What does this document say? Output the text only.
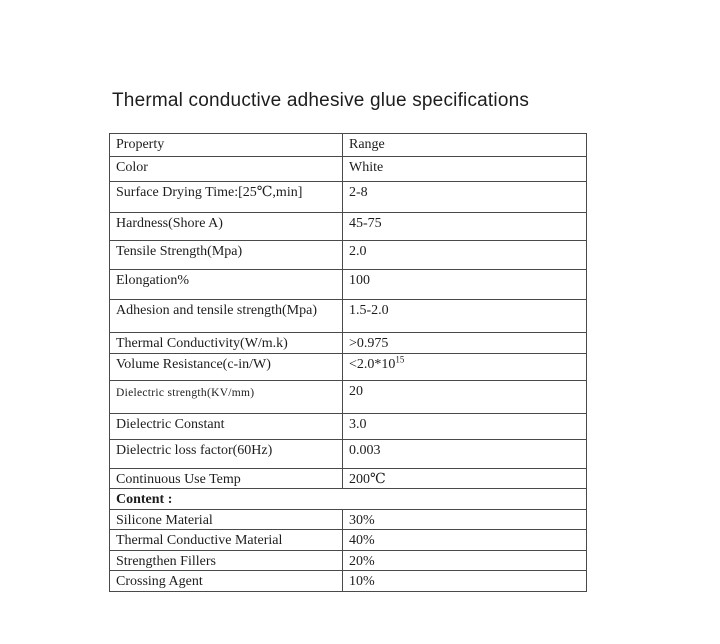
Thermal conductive adhesive glue specifications
Property	Range
Color	White
Surface Drying Time:[25℃,min]	2-8
Hardness(Shore A)	45-75
Tensile Strength(Mpa)	2.0
Elongation%	100
Adhesion and tensile strength(Mpa)	1.5-2.0
Thermal Conductivity(W/m.k)	>0.975
Volume Resistance(c-in/W)	$<2.0*10^{15}$
Dielectric strength(KV/mm)	20
Dielectric Constant	3.0
Dielectric loss factor(60Hz)	0.003
Continuous Use Temp	200℃
Content :	
Silicone Material	30%
Thermal Conductive Material	40%
Strengthen Fillers	20%
Crossing Agent	10%
